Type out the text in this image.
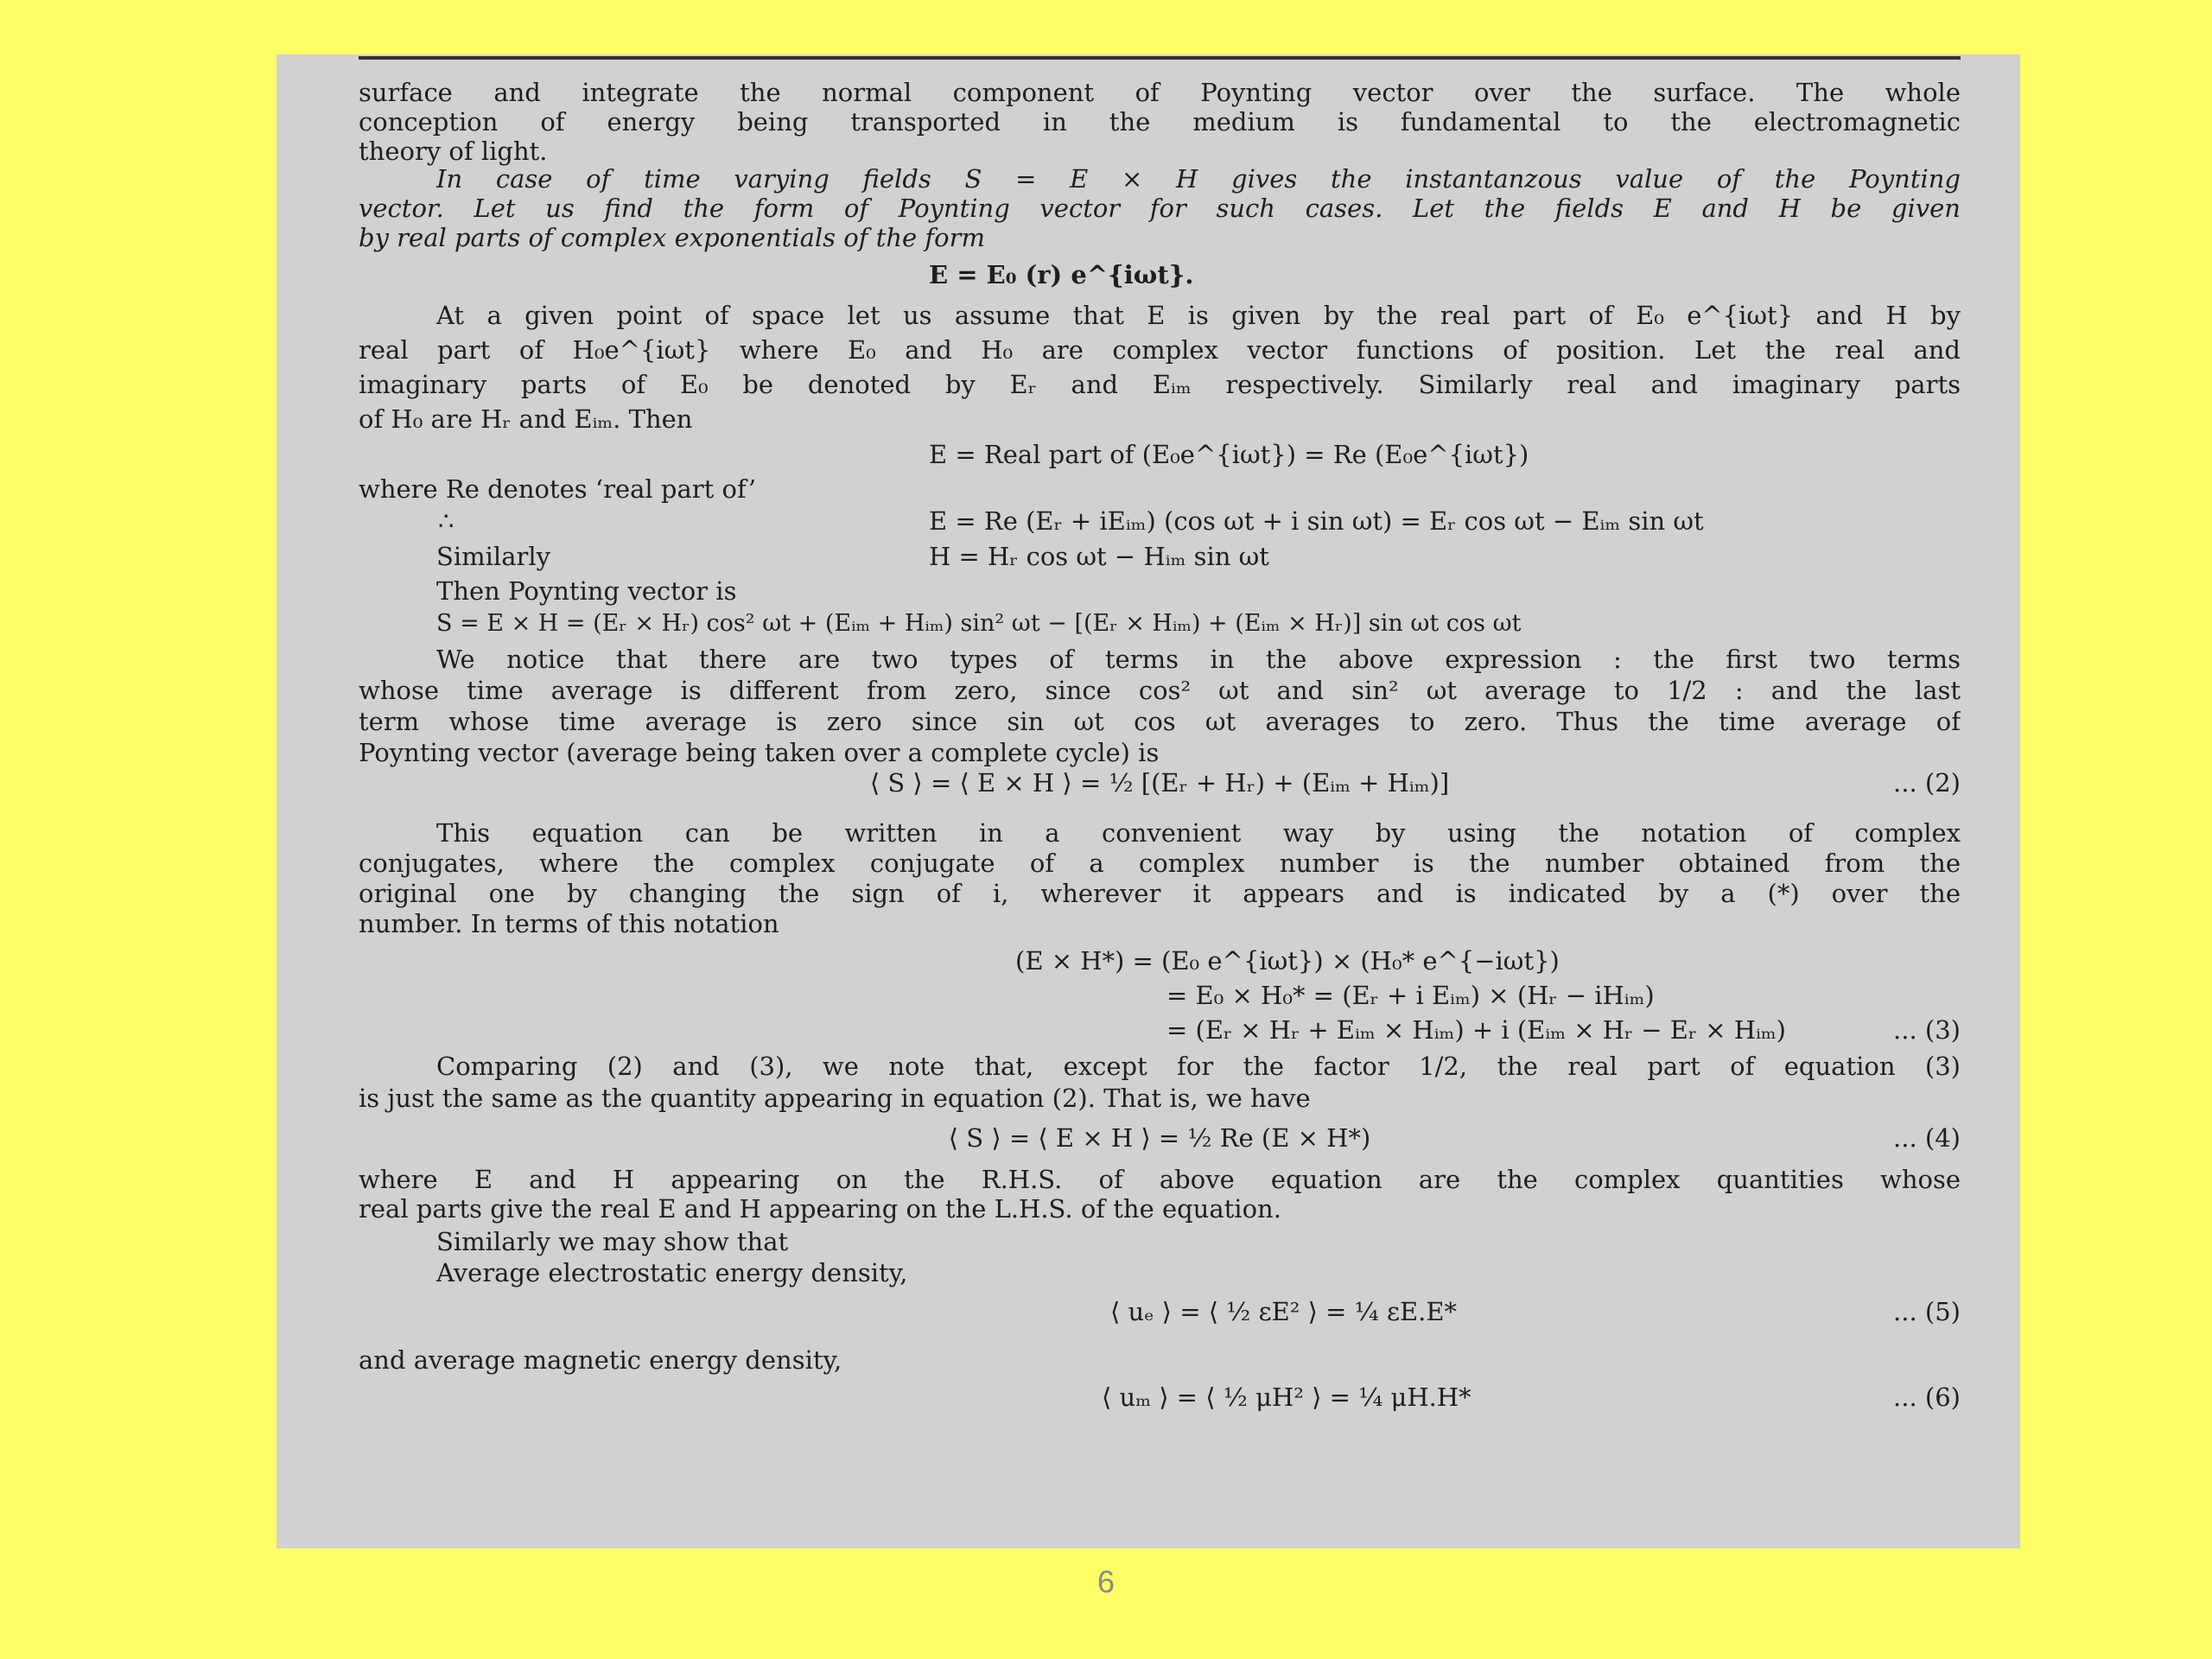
surface and integrate the normal component of Poynting vector over the surface. The whole
conception of energy being transported in the medium is fundamental to the electromagnetic
theory of light.
In case of time varying fields S = E × H gives the instantanzous value of the Poynting
vector. Let us find the form of Poynting vector for such cases. Let the fields E and H be given
by real parts of complex exponentials of the form
E = E₀ (r) e^{iωt}.
At a given point of space let us assume that E is given by the real part of E₀ e^{iωt} and H by
real part of H₀e^{iωt} where E₀ and H₀ are complex vector functions of position. Let the real and
imaginary parts of E₀ be denoted by Eᵣ and Eᵢₘ respectively. Similarly real and imaginary parts
of H₀ are Hᵣ and Eᵢₘ. Then
E = Real part of (E₀e^{iωt}) = Re (E₀e^{iωt})
where Re denotes ‘real part of’
∴	E = Re (Eᵣ + iEᵢₘ) (cos ωt + i sin ωt) = Eᵣ cos ωt − Eᵢₘ sin ωt
Similarly	H = Hᵣ cos ωt − Hᵢₘ sin ωt
Then Poynting vector is
S = E × H = (Eᵣ × Hᵣ) cos² ωt + (Eᵢₘ + Hᵢₘ) sin² ωt − [(Eᵣ × Hᵢₘ) + (Eᵢₘ × Hᵣ)] sin ωt cos ωt
We notice that there are two types of terms in the above expression : the first two terms
whose time average is different from zero, since cos² ωt and sin² ωt average to 1/2 : and the last
term whose time average is zero since sin ωt cos ωt averages to zero. Thus the time average of
Poynting vector (average being taken over a complete cycle) is
⟨ S ⟩ = ⟨ E × H ⟩ = ½ [(Eᵣ + Hᵣ) + (Eᵢₘ + Hᵢₘ)]	... (2)
This equation can be written in a convenient way by using the notation of complex
conjugates, where the complex conjugate of a complex number is the number obtained from the
original one by changing the sign of i, wherever it appears and is indicated by a (*) over the
number. In terms of this notation
(E × H*) = (E₀ e^{iωt}) × (H₀* e^{−iωt})
= E₀ × H₀* = (Eᵣ + i Eᵢₘ) × (Hᵣ − iHᵢₘ)
= (Eᵣ × Hᵣ + Eᵢₘ × Hᵢₘ) + i (Eᵢₘ × Hᵣ − Eᵣ × Hᵢₘ)	... (3)
Comparing (2) and (3), we note that, except for the factor 1/2, the real part of equation (3)
is just the same as the quantity appearing in equation (2). That is, we have
⟨ S ⟩ = ⟨ E × H ⟩ = ½ Re (E × H*)	... (4)
where E and H appearing on the R.H.S. of above equation are the complex quantities whose
real parts give the real E and H appearing on the L.H.S. of the equation.
Similarly we may show that
Average electrostatic energy density,
⟨ uₑ ⟩ = ⟨ ½ εE² ⟩ = ¼ εE.E*	... (5)
and average magnetic energy density,
⟨ uₘ ⟩ = ⟨ ½ μH² ⟩ = ¼ μH.H*	... (6)
6
